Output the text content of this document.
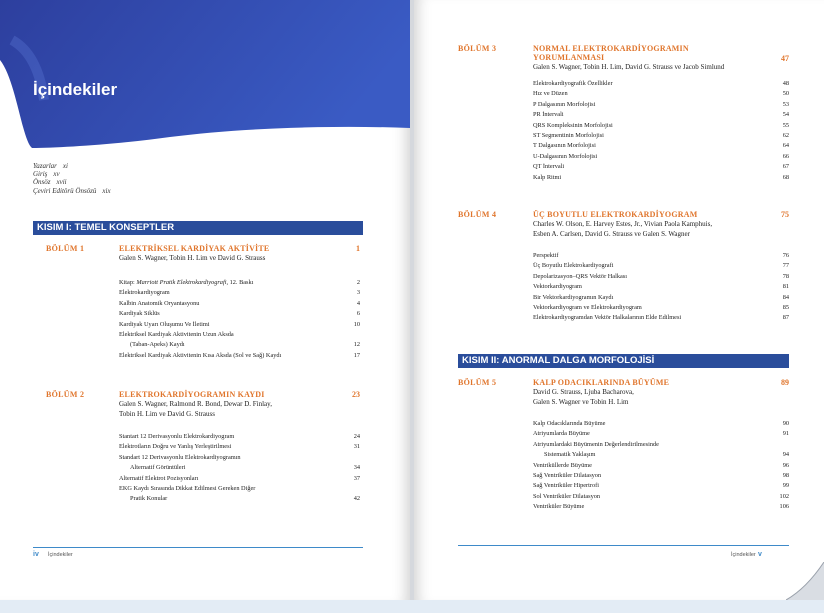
İçindekiler
Yazarlar xi
Giriş xv
Önsöz xvii
Çeviri Editörü Önsözü xix
KISIM I: TEMEL KONSEPTLER
BÖLÜM 1	ELEKTRİKSEL KARDİYAK AKTİVİTE	1
Galen S. Wagner, Tobin H. Lim ve David G. Strauss
Kitap: Marriott Pratik Elektrokardiyografi, 12. Baskı	2
Elektrokardiyogram	3
Kalbin Anatomik Oryantasyonu	4
Kardiyak Siklüs	6
Kardiyak Uyarı Oluşumu Ve İletimi	10
Elektriksel Kardiyak Aktivitenin Uzun Aksda
(Taban-Apeks) Kaydı	12
Elektriksel Kardiyak Aktivitenin Kısa Aksda (Sol ve Sağ) Kaydı	17
BÖLÜM 2	ELEKTROKARDİYOGRAMIN KAYDI	23
Galen S. Wagner, Ralmond R. Bond, Dewar D. Finlay,
Tobin H. Lim ve David G. Strauss
Stantart 12 Derivasyonlu Elektrokardiyogram	24
Elektrotların Doğru ve Yanlış Yerleştirilmesi	31
Standart 12 Derivasyonlu Elektrokardiyogramın
Alternatif Görüntüleri	34
Alternatif Elektrot Pozisyonları	37
EKG Kaydı Sırasında Dikkat Edilmesi Gereken Diğer
Pratik Konular	42
iv İçindekiler
BÖLÜM 3	NORMAL ELEKTROKARDİYOGRAMIN
YORUMLANMASI	47
Galen S. Wagner, Tobin H. Lim, David G. Strauss ve Jacob Simlund
Elektrokardiyografik Özellikler	48
Hız ve Düzen	50
P Dalgasının Morfolojisi	53
PR İntervali	54
QRS Kompleksinin Morfolojisi	55
ST Segmentinin Morfolojisi	62
T Dalgasının Morfolojisi	64
U-Dalgasının Morfolojisi	66
QT İntervali	67
Kalp Ritmi	68
BÖLÜM 4	ÜÇ BOYUTLU ELEKTROKARDİYOGRAM	75
Charles W. Olson, E. Harvey Estes, Jr., Vivian Paola Kamphuis,
Esben A. Carlsen, David G. Strauss ve Galen S. Wagner
Perspektif	76
Üç Boyutlu Elektrokardiyografi	77
Depolarizasyon–QRS Vektör Halkası	78
Vektorkardiyogram	81
Bir Vektorkardiyogramın Kaydı	84
Vektorkardiyogram ve Elektrokardiyogram	85
Elektrokardiyogramdan Vektör Halkalarının Elde Edilmesi	87
KISIM II: ANORMAL DALGA MORFOLOJİSİ
BÖLÜM 5	KALP ODACIKLARINDA BÜYÜME	89
David G. Strauss, Ljuba Bacharova,
Galen S. Wagner ve Tobin H. Lim
Kalp Odacıklarında Büyüme	90
Atriyumlarda Büyüme	91
Atriyumlardaki Büyümenin Değerlendirilmesinde
Sistematik Yaklaşım	94
Ventriküllerde Büyüme	96
Sağ Ventriküler Dilatasyon	98
Sağ Ventriküler Hipertrofi	99
Sol Ventriküler Dilatasyon	102
Ventriküler Büyüme	106
İçindekiler v
